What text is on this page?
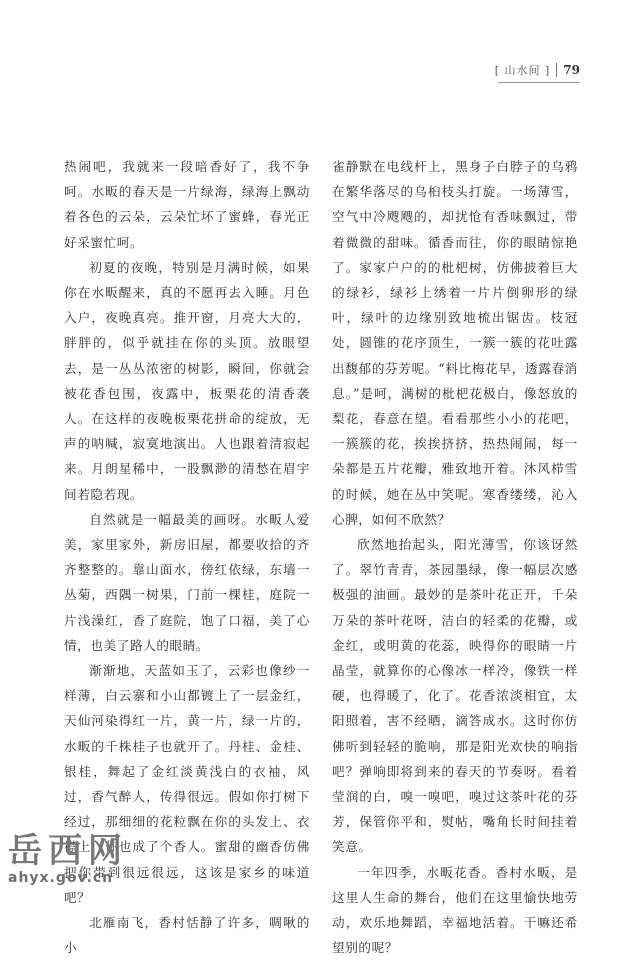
[ 山水间 ] 79

热闹吧，我就来一段暗香好了，我不争呵。水畈的春天是一片绿海，绿海上飘动着各色的云朵，云朵忙坏了蜜蜂，春光正好采蜜忙呵。

初夏的夜晚，特别是月满时候，如果你在水畈醒来，真的不愿再去入睡。月色入户，夜晚真亮。推开窗，月亮大大的，胖胖的，似乎就挂在你的头顶。放眼望去，是一丛丛浓密的树影，瞬间，你就会被花香包围，夜露中，板栗花的清香袭人。在这样的夜晚板栗花拼命的绽放，无声的呐喊，寂寞地演出。人也跟着清寂起来。月朗星稀中，一股飘渺的清愁在眉宇间若隐若现。

自然就是一幅最美的画呀。水畈人爱美，家里家外，新房旧屋，都要收拾的齐齐整整的。靠山面水，傍红依绿，东墙一丛菊，西隅一树果，门前一棵桂，庭院一片浅澡红，香了庭院，饱了口福，美了心情，也美了路人的眼睛。

渐渐地，天蓝如玉了，云彩也像纱一样薄，白云寨和小山都镀上了一层金红，天仙河染得红一片，黄一片，绿一片的，水畈的千株桂子也就开了。丹桂、金桂、银桂，舞起了金红淡黄浅白的衣袖，风过，香气醉人，传得很远。假如你打树下经过，那细细的花粒飘在你的头发上、衣襟上，你也成了个香人。蜜甜的幽香仿佛把你带到很远很远，这该是家乡的味道吧？

北雁南飞，香村恬静了许多，啁啾的小

雀静默在电线杆上，黑身子白脖子的乌鸦在繁华落尽的乌桕枝头打旋。一场薄雪，空气中冷飕飕的，却扰怆有香味飘过，带着微微的甜味。循香而往，你的眼睛惊艳了。家家户户的的枇杷树，仿佛披着巨大的绿衫，绿衫上绣着一片片倒卵形的绿叶，绿叶的边缘别致地梳出锯齿。枝冠处，圆锥的花序顶生，一簇一簇的花吐露出馥郁的芬芳呢。“料比梅花早，透露春消息。”是呵，满树的枇杷花极白，像怒放的梨花，春意在望。看看那些小小的花吧，一簇簇的花，挨挨挤挤，热热闹闹，每一朵都是五片花瓣，雅致地开着。沐风栉雪的时候，她在丛中笑呢。寒香缕缕，沁入心脾，如何不欣然？

欣然地抬起头，阳光薄雪，你该讶然了。翠竹青青，茶园墨绿，像一幅层次感极强的油画。最妙的是茶叶花正开，千朵万朵的茶叶花呀，洁白的轻柔的花瓣，或金红，或明黄的花蕊，映得你的眼睛一片晶莹，就算你的心像冰一样冷，像铁一样硬，也得暖了，化了。花香浓淡相宜，太阳照着，害不经晒，滴答成水。这时你仿佛听到轻轻的脆响，那是阳光欢快的响指吧？弹响即将到来的春天的节奏呀。看着莹润的白，嗅一嗅吧，嗅过这茶叶花的芬芳，保管你平和，熨帖，嘴角长时间挂着笑意。

一年四季，水畈花香。香村水畈，是这里人生命的舞台，他们在这里愉快地劳动，欢乐地舞蹈，幸福地活着。干嘛还希望别的呢？

岳西网
ahyx.gov.cn
